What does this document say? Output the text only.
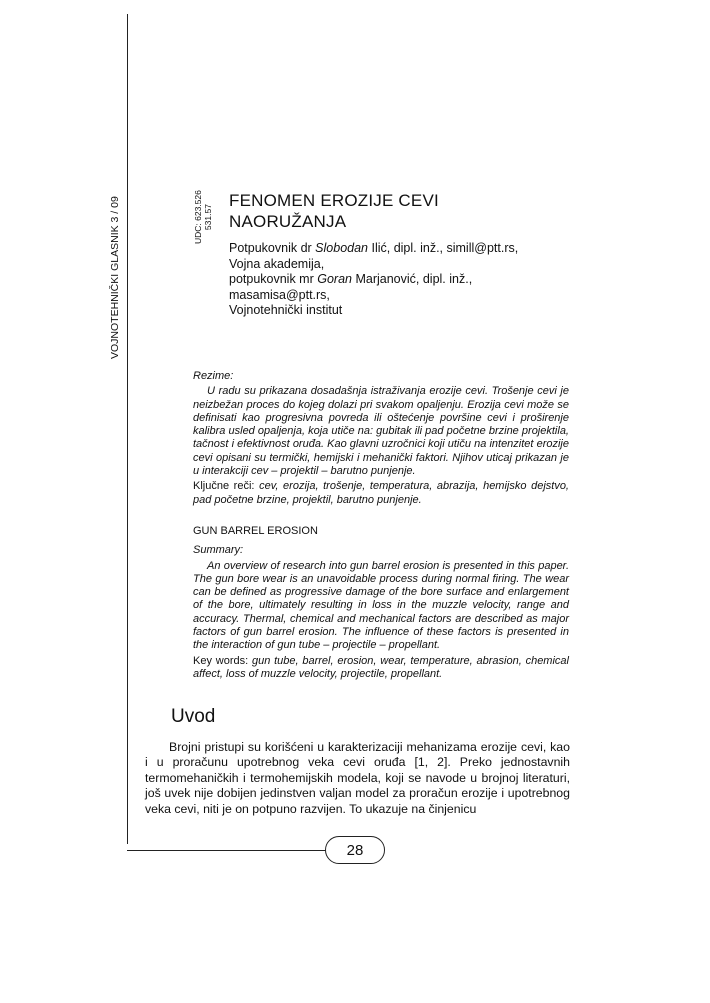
VOJNOTEHNIČKI GLASNIK 3 / 09	UDC: 623.526 531.57
FENOMEN EROZIJE CEVI
NAORUŽANJA
Potpukovnik dr Slobodan Ilić, dipl. inž., simill@ptt.rs,
Vojna akademija,
potpukovnik mr Goran Marjanović, dipl. inž., masamisa@ptt.rs,
Vojnotehnički institut
Rezime:
U radu su prikazana dosadašnja istraživanja erozije cevi. Trošenje cevi je neizbežan proces do kojeg dolazi pri svakom opaljenju. Erozija cevi može se definisati kao progresivna povreda ili oštećenje površine cevi i proširenje kalibra usled opaljenja, koja utiče na: gubitak ili pad početne brzine projektila, tačnost i efektivnost oruđa. Kao glavni uzročnici koji utiču na intenzitet erozije cevi opisani su termički, hemijski i mehanički faktori. Njihov uticaj prikazan je u interakciji cev – projektil – barutno punjenje.
Ključne reči: cev, erozija, trošenje, temperatura, abrazija, hemijsko dejstvo, pad početne brzine, projektil, barutno punjenje.
GUN BARREL EROSION
Summary:
An overview of research into gun barrel erosion is presented in this paper. The gun bore wear is an unavoidable process during normal firing. The wear can be defined as progressive damage of the bore surface and enlargement of the bore, ultimately resulting in loss in the muzzle velocity, range and accuracy. Thermal, chemical and mechanical factors are described as major factors of gun barrel erosion. The influence of these factors is presented in the interaction of gun tube – projectile – propellant.
Key words: gun tube, barrel, erosion, wear, temperature, abrasion, chemical affect, loss of muzzle velocity, projectile, propellant.
Uvod
Brojni pristupi su korišćeni u karakterizaciji mehanizama erozije cevi, kao i u proračunu upotrebnog veka cevi oruđa [1, 2]. Preko jednostavnih termomehaničkih i termohemijskih modela, koji se navode u brojnoj literaturi, još uvek nije dobijen jedinstven valjan model za proračun erozije i upotrebnog veka cevi, niti je on potpuno razvijen. To ukazuje na činjenicu
28
